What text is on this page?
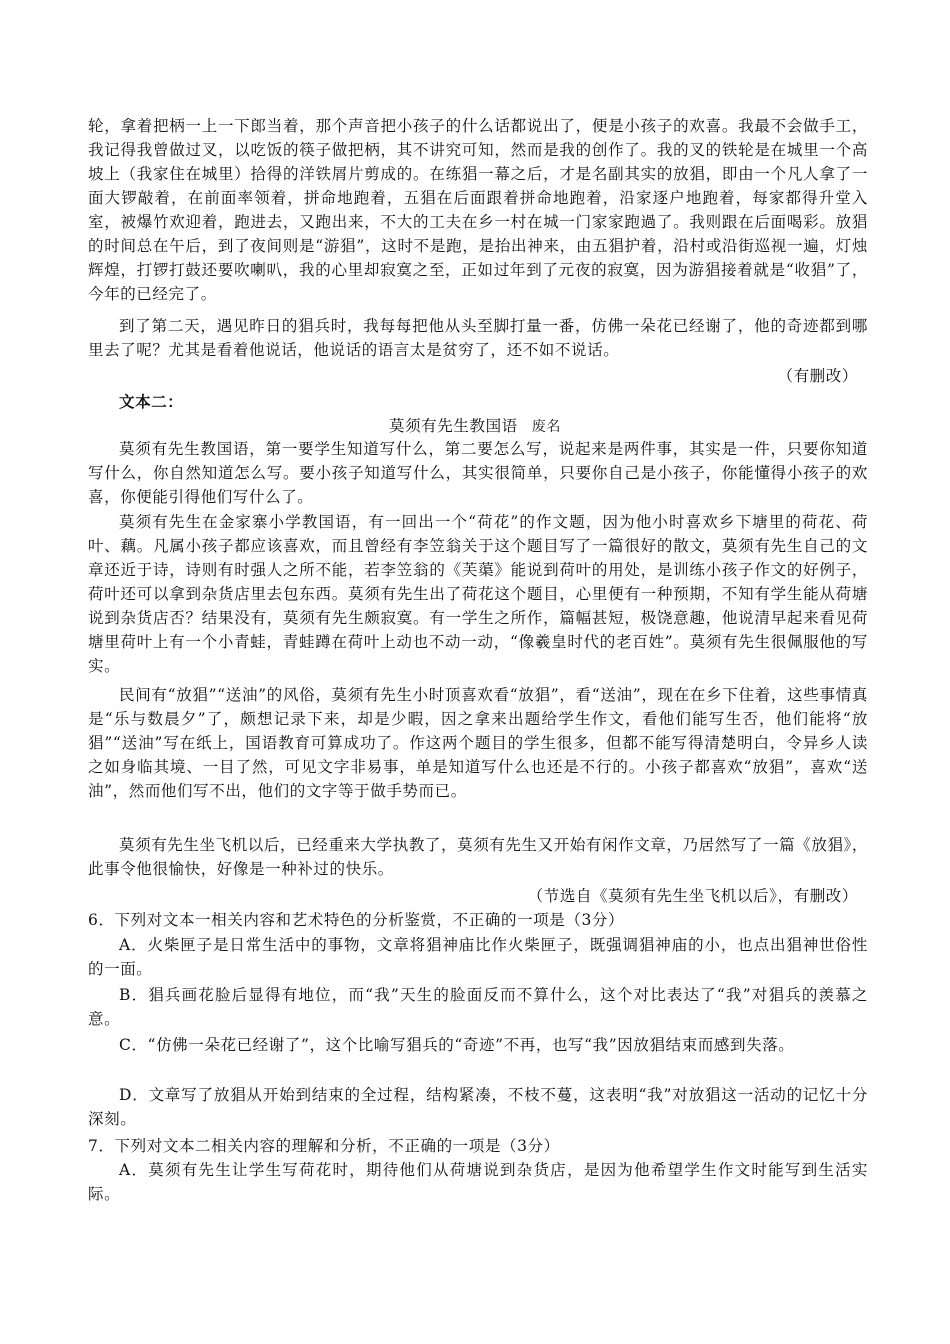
轮，拿着把柄一上一下郎当着，那个声音把小孩子的什么话都说出了，便是小孩子的欢喜。我最不会做手工，我记得我曾做过叉，以吃饭的筷子做把柄，其不讲究可知，然而是我的创作了。我的叉的铁轮是在城里一个高坡上（我家住在城里）拾得的洋铁屑片剪成的。在练猖一幕之后，才是名副其实的放猖，即由一个凡人拿了一面大锣敲着，在前面率领着，拼命地跑着，五猖在后面跟着拼命地跑着，沿家逐户地跑着，每家都得升堂入室，被爆竹欢迎着，跑进去，又跑出来，不大的工夫在乡一村在城一门家家跑過了。我则跟在后面喝彩。放猖的时间总在午后，到了夜间则是“游猖”，这时不是跑，是抬出神来，由五猖护着，沿村或沿街巡视一遍，灯烛辉煌，打锣打鼓还要吹喇叭，我的心里却寂寞之至，正如过年到了元夜的寂寞，因为游猖接着就是“收猖”了，今年的已经完了。

到了第二天，遇见昨日的猖兵时，我每每把他从头至脚打量一番，仿佛一朵花已经谢了，他的奇迹都到哪里去了呢？尤其是看着他说话，他说话的语言太是贫穷了，还不如不说话。

（有删改）

文本二：

莫须有先生教国语 废名

莫须有先生教国语，第一要学生知道写什么，第二要怎么写，说起来是两件事，其实是一件，只要你知道写什么，你自然知道怎么写。要小孩子知道写什么，其实很简单，只要你自己是小孩子，你能懂得小孩子的欢喜，你便能引得他们写什么了。

莫须有先生在金家寨小学教国语，有一回出一个“荷花”的作文题，因为他小时喜欢乡下塘里的荷花、荷叶、藕。凡属小孩子都应该喜欢，而且曾经有李笠翁关于这个题目写了一篇很好的散文，莫须有先生自己的文章还近于诗，诗则有时强人之所不能，若李笠翁的《芙蕖》能说到荷叶的用处，是训练小孩子作文的好例子，荷叶还可以拿到杂货店里去包东西。莫须有先生出了荷花这个题目，心里便有一种预期，不知有学生能从荷塘说到杂货店否？结果没有，莫须有先生颇寂寞。有一学生之所作，篇幅甚短，极饶意趣，他说清早起来看见荷塘里荷叶上有一个小青蛙，青蛙蹲在荷叶上动也不动一动，“像羲皇时代的老百姓”。莫须有先生很佩服他的写实。

民间有“放猖”“送油”的风俗，莫须有先生小时顶喜欢看“放猖”，看“送油”，现在在乡下住着，这些事情真是“乐与数晨夕”了，颇想记录下来，却是少暇，因之拿来出题给学生作文，看他们能写生否，他们能将“放猖”“送油”写在纸上，国语教育可算成功了。作这两个题目的学生很多，但都不能写得清楚明白，令异乡人读之如身临其境、一目了然，可见文字非易事，单是知道写什么也还是不行的。小孩子都喜欢“放猖”，喜欢“送油”，然而他们写不出，他们的文字等于做手势而已。

莫须有先生坐飞机以后，已经重来大学执教了，莫须有先生又开始有闲作文章，乃居然写了一篇《放猖》，此事令他很愉快，好像是一种补过的快乐。

（节选自《莫须有先生坐飞机以后》，有删改）

6．下列对文本一相关内容和艺术特色的分析鉴赏，不正确的一项是（3分）

A．火柴匣子是日常生活中的事物，文章将猖神庙比作火柴匣子，既强调猖神庙的小，也点出猖神世俗性的一面。

B．猖兵画花脸后显得有地位，而“我”天生的脸面反而不算什么，这个对比表达了“我”对猖兵的羡慕之意。

C．“仿佛一朵花已经谢了”，这个比喻写猖兵的“奇迹”不再，也写“我”因放猖结束而感到失落。

D．文章写了放猖从开始到结束的全过程，结构紧凑，不枝不蔓，这表明“我”对放猖这一活动的记忆十分深刻。

7．下列对文本二相关内容的理解和分析，不正确的一项是（3分）

A．莫须有先生让学生写荷花时，期待他们从荷塘说到杂货店，是因为他希望学生作文时能写到生活实际。
